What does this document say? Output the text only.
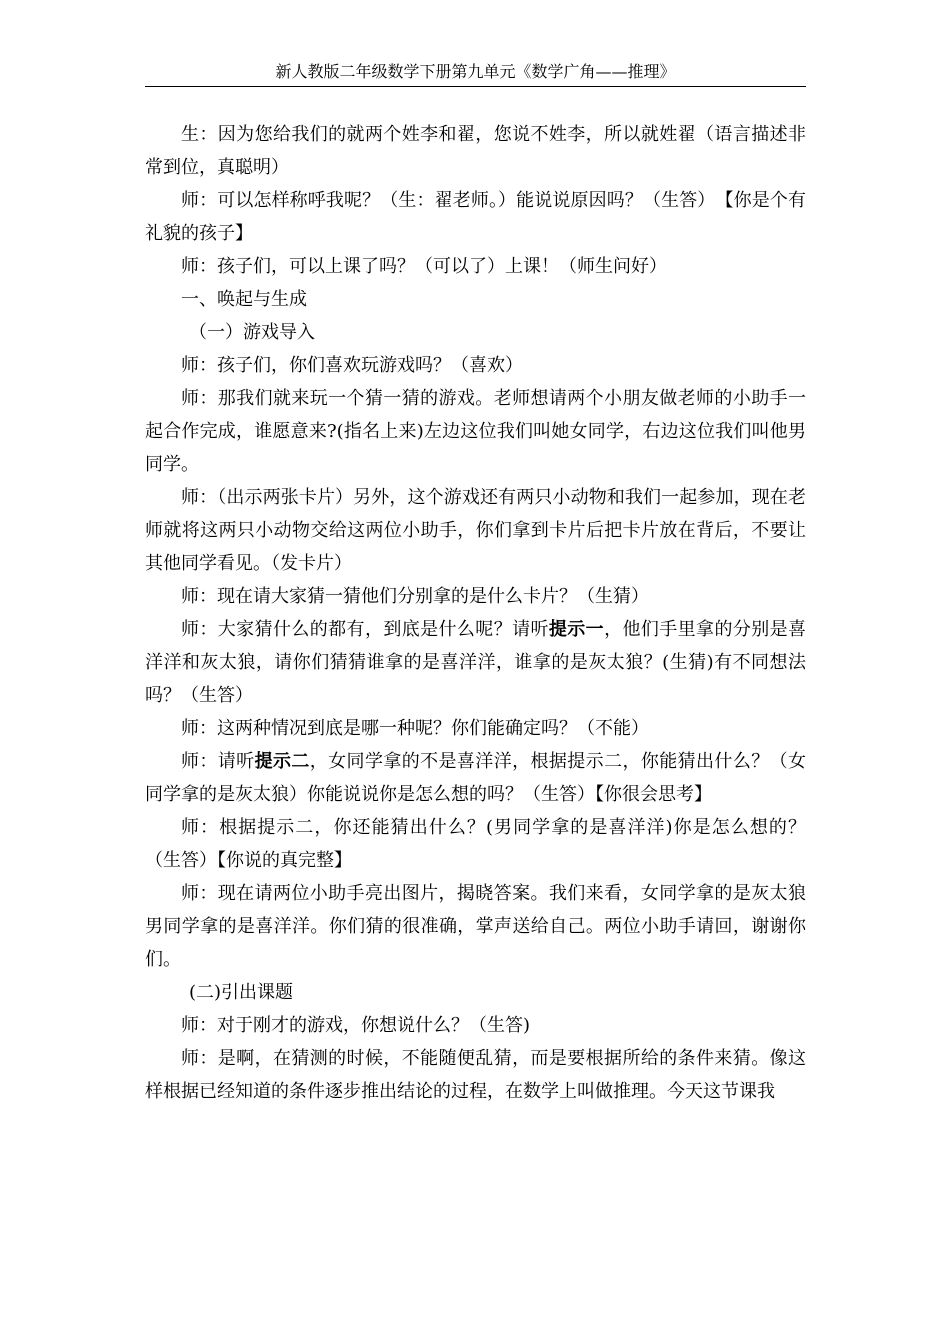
新人教版二年级数学下册第九单元《数学广角——推理》

生：因为您给我们的就两个姓李和翟，您说不姓李，所以就姓翟（语言描述非常到位，真聪明）

师：可以怎样称呼我呢？（生：翟老师。）能说说原因吗？（生答）　【你是个有礼貌的孩子】

师：孩子们，可以上课了吗？（可以了）上课！（师生问好）

一、唤起与生成

（一）游戏导入

师：孩子们，你们喜欢玩游戏吗？（喜欢）

师：那我们就来玩一个猜一猜的游戏。老师想请两个小朋友做老师的小助手一起合作完成，谁愿意来?(指名上来)左边这位我们叫她女同学，右边这位我们叫他男同学。

师：（出示两张卡片）另外，这个游戏还有两只小动物和我们一起参加，现在老师就将这两只小动物交给这两位小助手，你们拿到卡片后把卡片放在背后，不要让其他同学看见。（发卡片）

师：现在请大家猜一猜他们分别拿的是什么卡片？（生猜）

师：大家猜什么的都有，到底是什么呢？请听提示一，他们手里拿的分别是喜洋洋和灰太狼，请你们猜猜谁拿的是喜洋洋，谁拿的是灰太狼？(生猜)有不同想法吗？（生答）

师：这两种情况到底是哪一种呢？你们能确定吗？（不能）

师：请听提示二，女同学拿的不是喜洋洋，根据提示二，你能猜出什么？（女同学拿的是灰太狼）你能说说你是怎么想的吗？（生答）【你很会思考】

师：根据提示二，你还能猜出什么？(男同学拿的是喜洋洋)你是怎么想的？（生答）【你说的真完整】

师：现在请两位小助手亮出图片，揭晓答案。我们来看，女同学拿的是灰太狼男同学拿的是喜洋洋。你们猜的很准确，掌声送给自己。两位小助手请回，谢谢你们。

(二)引出课题

师：对于刚才的游戏，你想说什么？（生答)

师：是啊，在猜测的时候，不能随便乱猜，而是要根据所给的条件来猜。像这样根据已经知道的条件逐步推出结论的过程，在数学上叫做推理。今天这节课我
